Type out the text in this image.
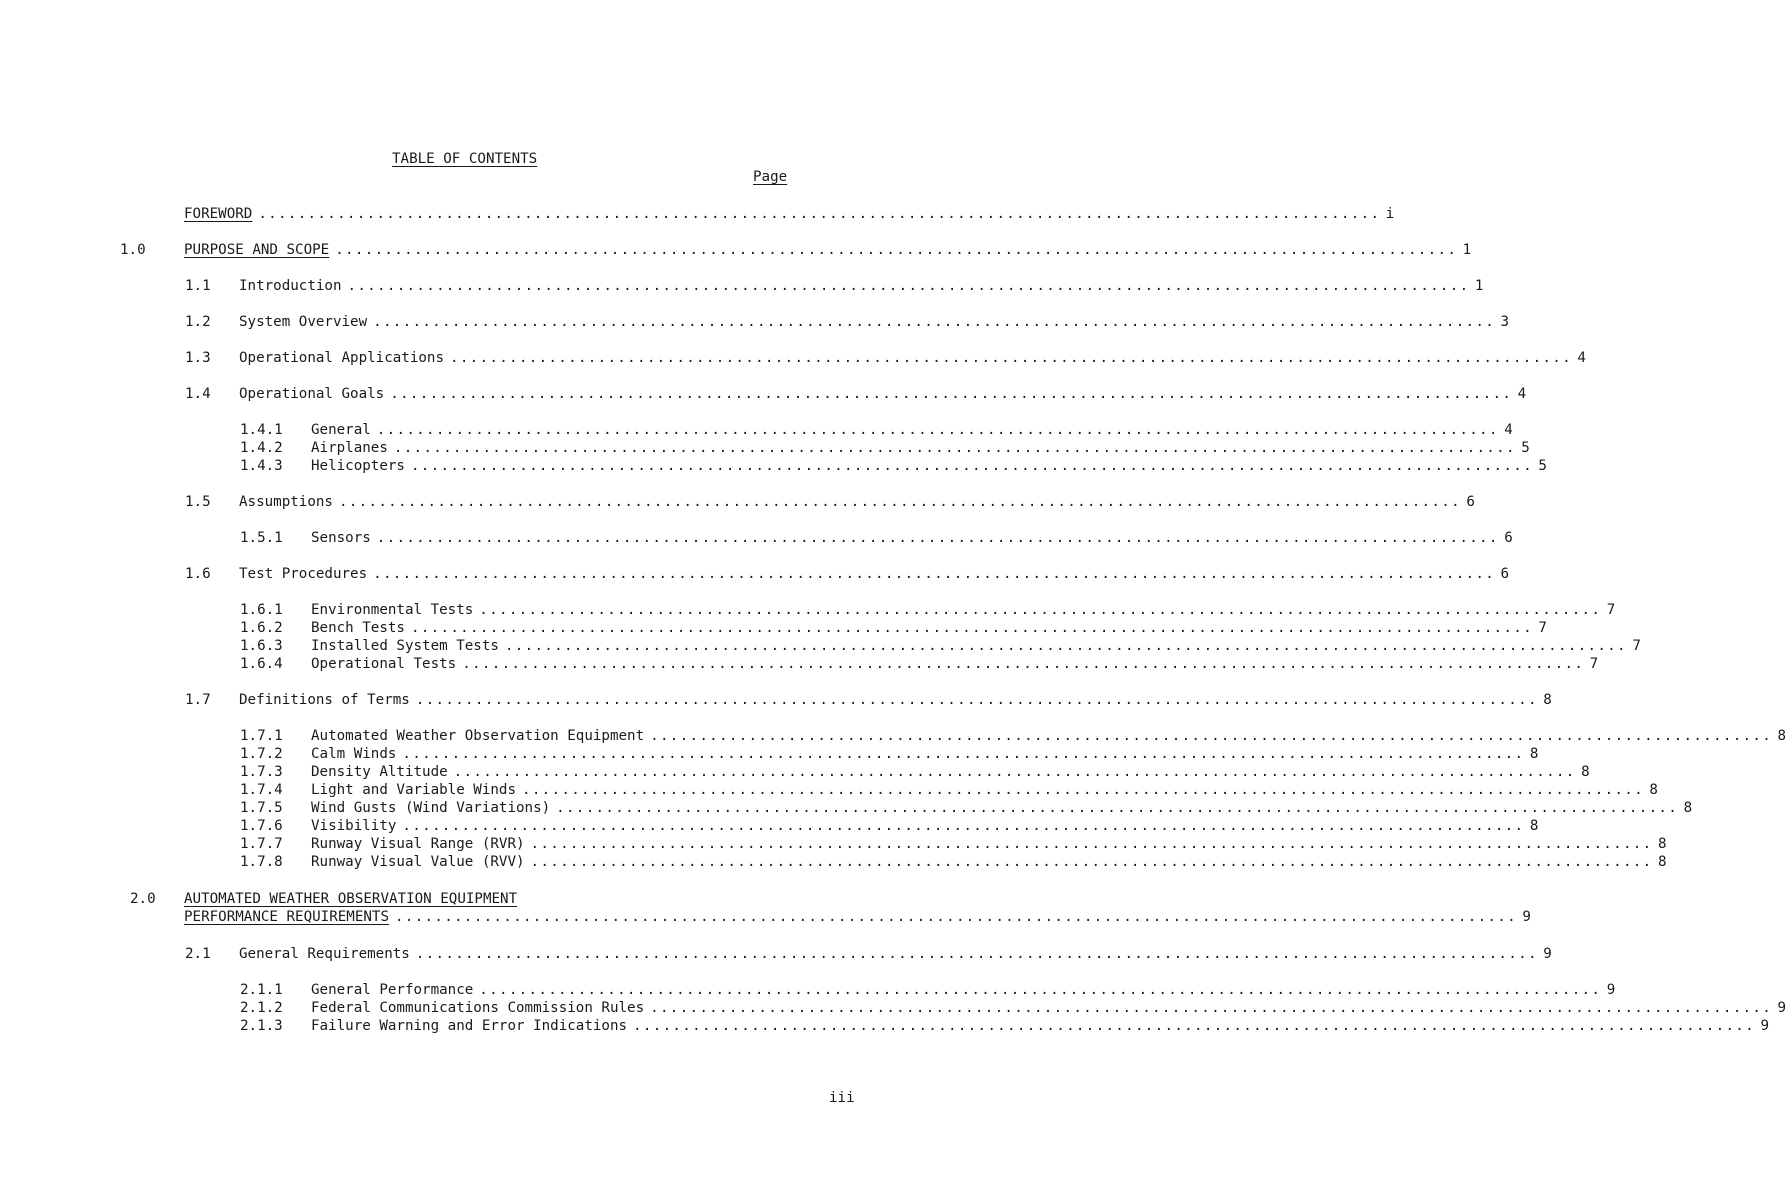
TABLE OF CONTENTS
Page
FOREWORD .................................................................................................................. i
1.0	PURPOSE AND SCOPE .................................................................................................................. 1
1.1 Introduction .................................................................................................................. 1
1.2 System Overview .................................................................................................................. 3
1.3 Operational Applications .................................................................................................................. 4
1.4 Operational Goals .................................................................................................................. 4
1.4.1 General .................................................................................................................. 4
1.4.2 Airplanes .................................................................................................................. 5
1.4.3 Helicopters .................................................................................................................. 5
1.5 Assumptions .................................................................................................................. 6
1.5.1 Sensors .................................................................................................................. 6
1.6 Test Procedures .................................................................................................................. 6
1.6.1 Environmental Tests .................................................................................................................. 7
1.6.2 Bench Tests .................................................................................................................. 7
1.6.3 Installed System Tests .................................................................................................................. 7
1.6.4 Operational Tests .................................................................................................................. 7
1.7 Definitions of Terms .................................................................................................................. 8
1.7.1 Automated Weather Observation Equipment .................................................................................................................. 8
1.7.2 Calm Winds .................................................................................................................. 8
1.7.3 Density Altitude .................................................................................................................. 8
1.7.4 Light and Variable Winds .................................................................................................................. 8
1.7.5 Wind Gusts (Wind Variations) .................................................................................................................. 8
1.7.6 Visibility .................................................................................................................. 8
1.7.7 Runway Visual Range (RVR) .................................................................................................................. 8
1.7.8 Runway Visual Value (RVV) .................................................................................................................. 8
2.0 AUTOMATED WEATHER OBSERVATION EQUIPMENT
PERFORMANCE REQUIREMENTS .................................................................................................................. 9
2.1 General Requirements .................................................................................................................. 9
2.1.1 General Performance .................................................................................................................. 9
2.1.2 Federal Communications Commission Rules .................................................................................................................. 9
2.1.3 Failure Warning and Error Indications .................................................................................................................. 9
iii
